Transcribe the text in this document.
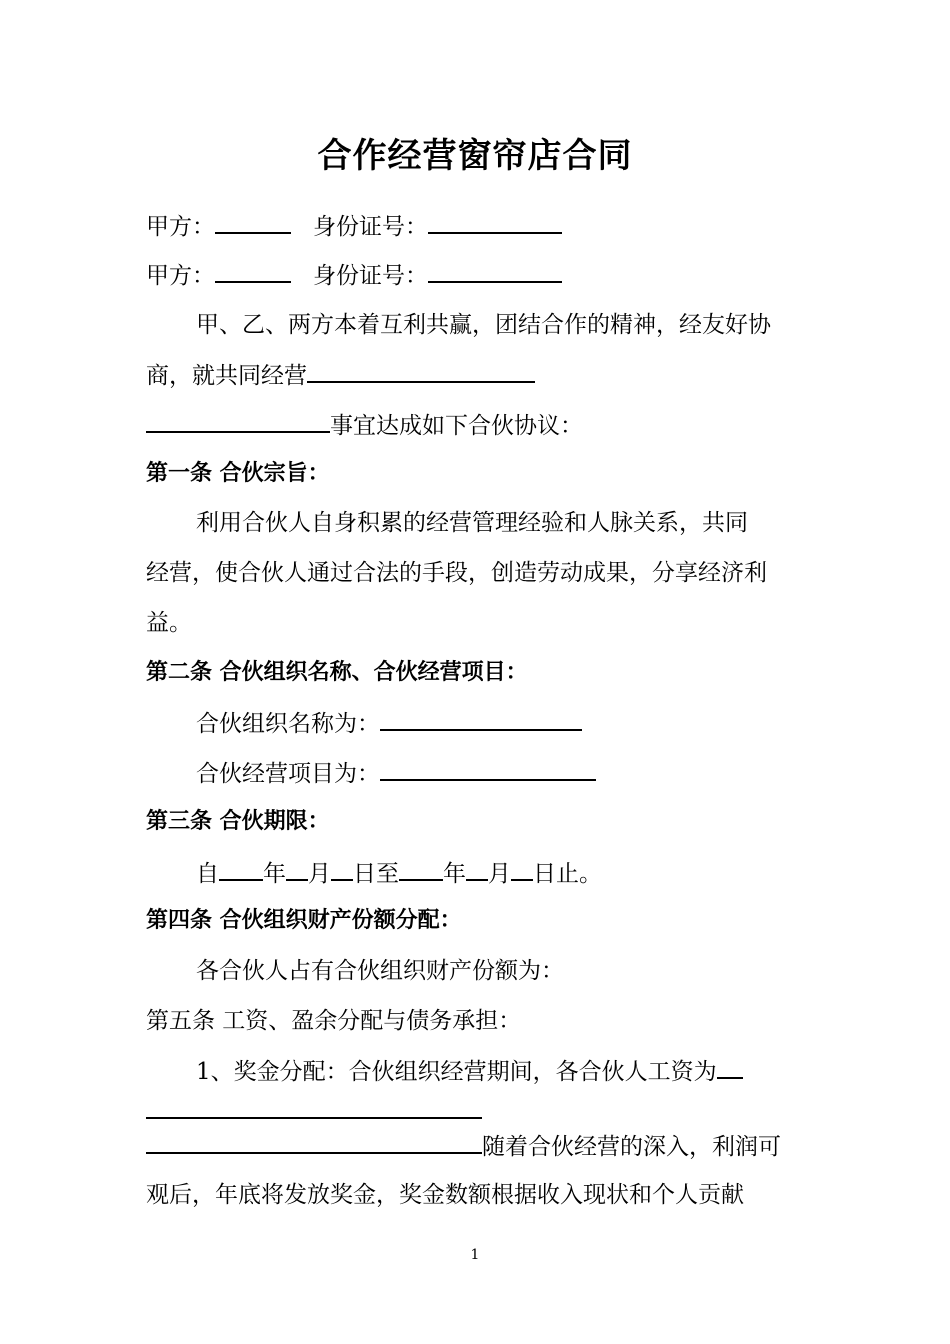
合作经营窗帘店合同
甲方：	身份证号：
甲方：	身份证号：
甲、乙、两方本着互利共赢，团结合作的精神，经友好协
商，就共同经营
事宜达成如下合伙协议：
第一条 合伙宗旨：
利用合伙人自身积累的经营管理经验和人脉关系，共同
经营，使合伙人通过合法的手段，创造劳动成果，分享经济利
益。
第二条 合伙组织名称、合伙经营项目：
合伙组织名称为：
合伙经营项目为：
第三条 合伙期限：
自 年 月 日至 年 月 日止。
第四条 合伙组织财产份额分配：
各合伙人占有合伙组织财产份额为：
第五条 工资、盈余分配与债务承担：
1、奖金分配：合伙组织经营期间，各合伙人工资为
随着合伙经营的深入，利润可
观后，年底将发放奖金，奖金数额根据收入现状和个人贡献
1
